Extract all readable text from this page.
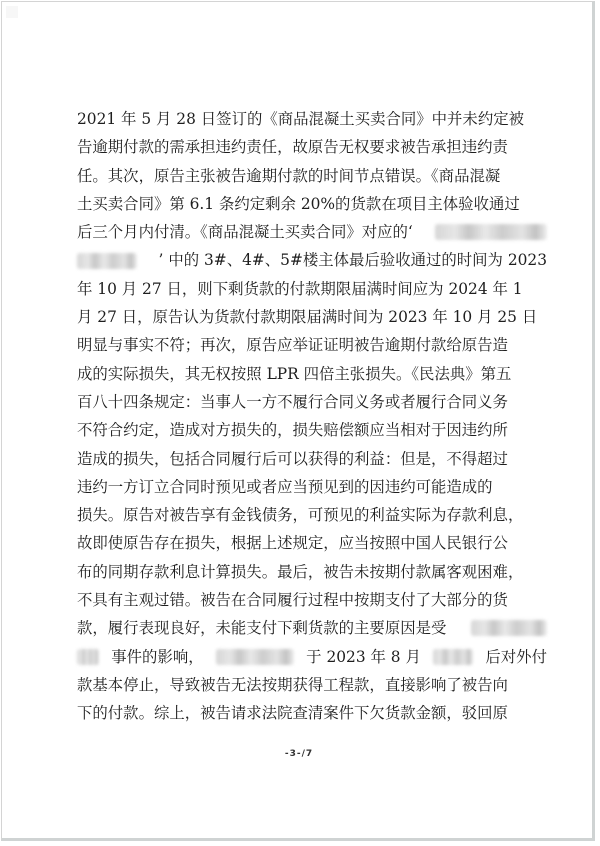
2021 年 5 月 28 日签订的《商品混凝土买卖合同》中并未约定被
告逾期付款的需承担违约责任，故原告无权要求被告承担违约责
任。其次，原告主张被告逾期付款的时间节点错误。《商品混凝
土买卖合同》第 6.1 条约定剩余 20%的货款在项目主体验收通过
后三个月内付清。《商品混凝土买卖合同》对应的‘
’ 中的 3#、4#、5#楼主体最后验收通过的时间为 2023
年 10 月 27 日，则下剩货款的付款期限届满时间应为 2024 年 1
月 27 日，原告认为货款付款期限届满时间为 2023 年 10 月 25 日
明显与事实不符；再次，原告应举证证明被告逾期付款给原告造
成的实际损失，其无权按照 LPR 四倍主张损失。《民法典》第五
百八十四条规定：当事人一方不履行合同义务或者履行合同义务
不符合约定，造成对方损失的，损失赔偿额应当相对于因违约所
造成的损失，包括合同履行后可以获得的利益：但是，不得超过
违约一方订立合同时预见或者应当预见到的因违约可能造成的
损失。原告对被告享有金钱债务，可预见的利益实际为存款利息，
故即使原告存在损失，根据上述规定，应当按照中国人民银行公
布的同期存款利息计算损失。最后，被告未按期付款属客观困难，
不具有主观过错。被告在合同履行过程中按期支付了大部分的货
款，履行表现良好，未能支付下剩货款的主要原因是受
事件的影响，	于 2023 年 8 月	后对外付
款基本停止，导致被告无法按期获得工程款，直接影响了被告向
下的付款。综上，被告请求法院查清案件下欠货款金额，驳回原
-3-/7
